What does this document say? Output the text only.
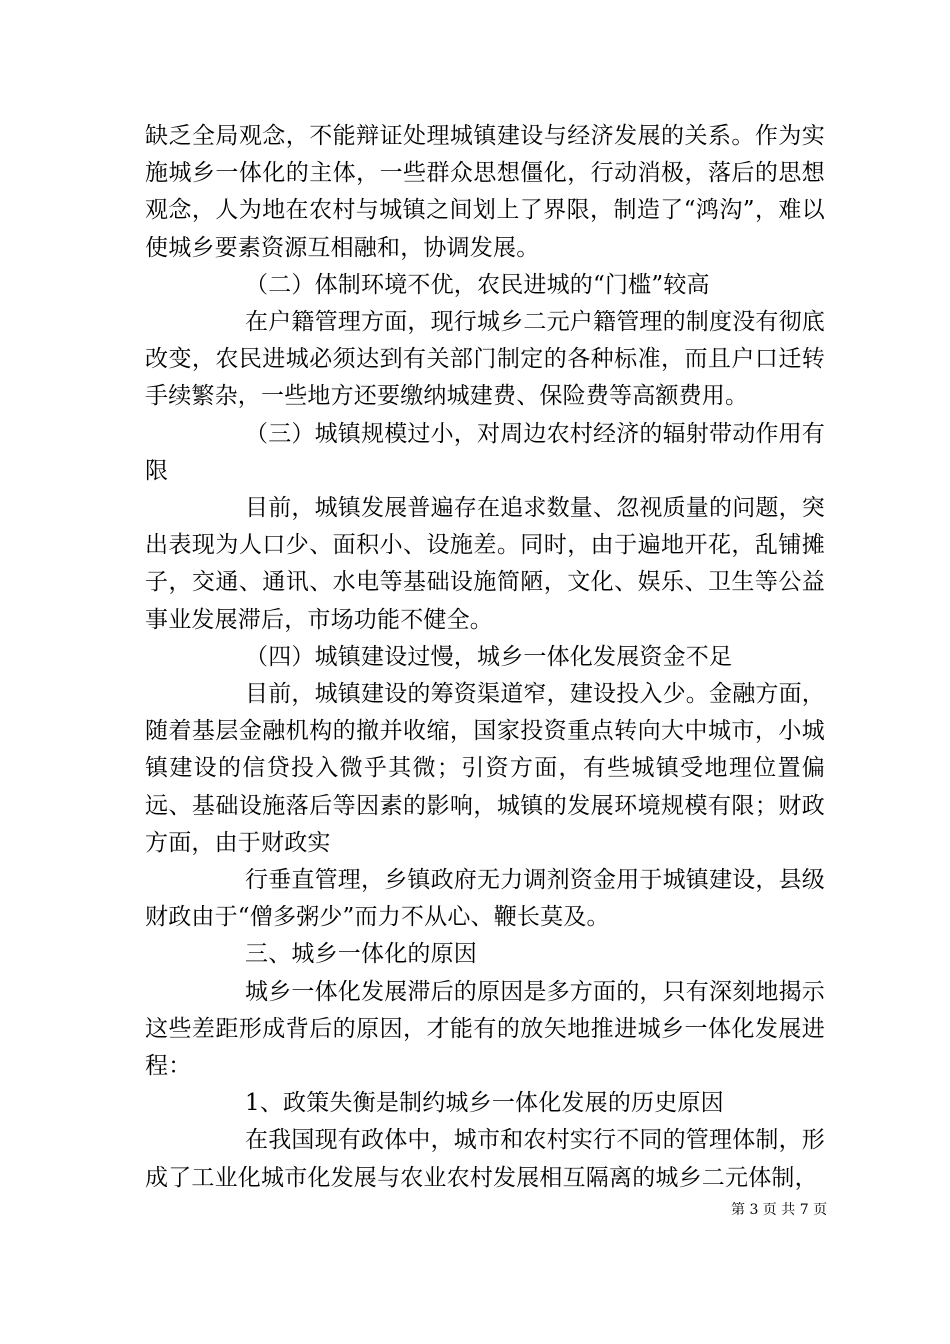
缺乏全局观念，不能辩证处理城镇建设与经济发展的关系。作为实施城乡一体化的主体，一些群众思想僵化，行动消极，落后的思想观念，人为地在农村与城镇之间划上了界限，制造了“鸿沟”，难以使城乡要素资源互相融和，协调发展。

（二）体制环境不优，农民进城的“门槛”较高

在户籍管理方面，现行城乡二元户籍管理的制度没有彻底改变，农民进城必须达到有关部门制定的各种标准，而且户口迁转手续繁杂，一些地方还要缴纳城建费、保险费等高额费用。

（三）城镇规模过小，对周边农村经济的辐射带动作用有限

目前，城镇发展普遍存在追求数量、忽视质量的问题，突出表现为人口少、面积小、设施差。同时，由于遍地开花，乱铺摊子，交通、通讯、水电等基础设施简陋，文化、娱乐、卫生等公益事业发展滞后，市场功能不健全。

（四）城镇建设过慢，城乡一体化发展资金不足

目前，城镇建设的筹资渠道窄，建设投入少。金融方面，随着基层金融机构的撤并收缩，国家投资重点转向大中城市，小城镇建设的信贷投入微乎其微；引资方面，有些城镇受地理位置偏远、基础设施落后等因素的影响，城镇的发展环境规模有限；财政方面，由于财政实

行垂直管理，乡镇政府无力调剂资金用于城镇建设，县级财政由于“僧多粥少”而力不从心、鞭长莫及。

三、城乡一体化的原因

城乡一体化发展滞后的原因是多方面的，只有深刻地揭示这些差距形成背后的原因，才能有的放矢地推进城乡一体化发展进程：

1、政策失衡是制约城乡一体化发展的历史原因

在我国现有政体中，城市和农村实行不同的管理体制，形成了工业化城市化发展与农业农村发展相互隔离的城乡二元体制，

第 3 页 共 7 页
